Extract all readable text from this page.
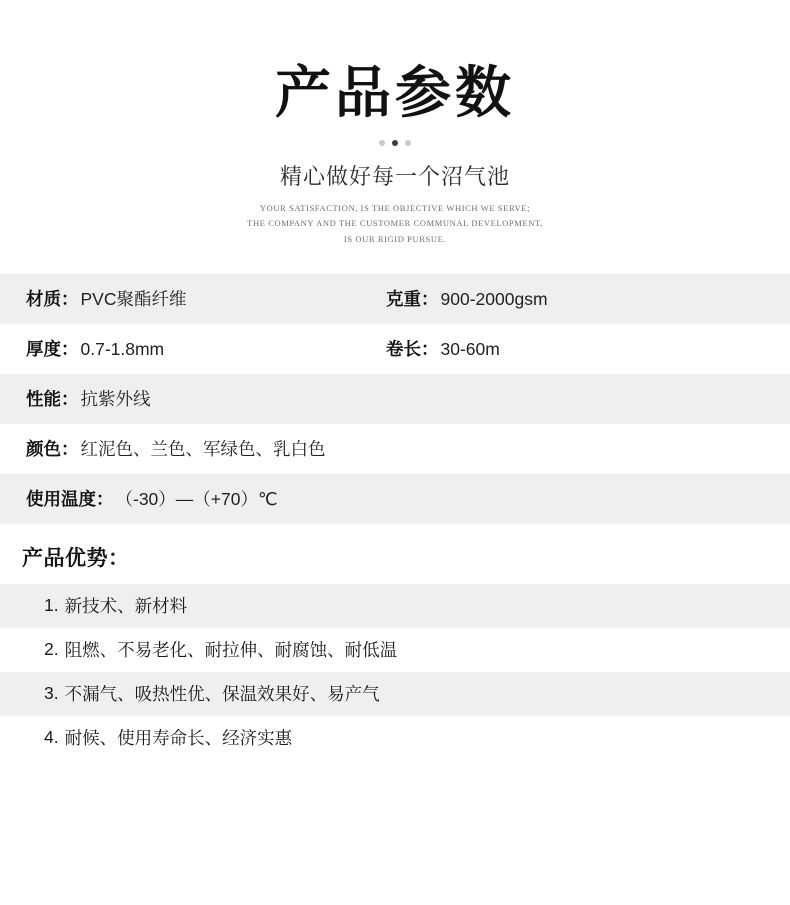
产品参数
精心做好每一个沼气池
YOUR SATISFACTION, IS THE OBJECTIVE WHICH WE SERVE;
THE COMPANY AND THE CUSTOMER COMMUNAL DEVELOPMENT,
IS OUR RIGID PURSUE.
材质： PVC聚酯纤维	克重： 900-2000gsm
厚度： 0.7-1.8mm	卷长： 30-60m
性能： 抗紫外线
颜色： 红泥色、兰色、军绿色、乳白色
使用温度： （-30）—（+70）℃
产品优势：
1. 新技术、新材料
2. 阻燃、不易老化、耐拉伸、耐腐蚀、耐低温
3. 不漏气、吸热性优、保温效果好、易产气
4. 耐候、使用寿命长、经济实惠
